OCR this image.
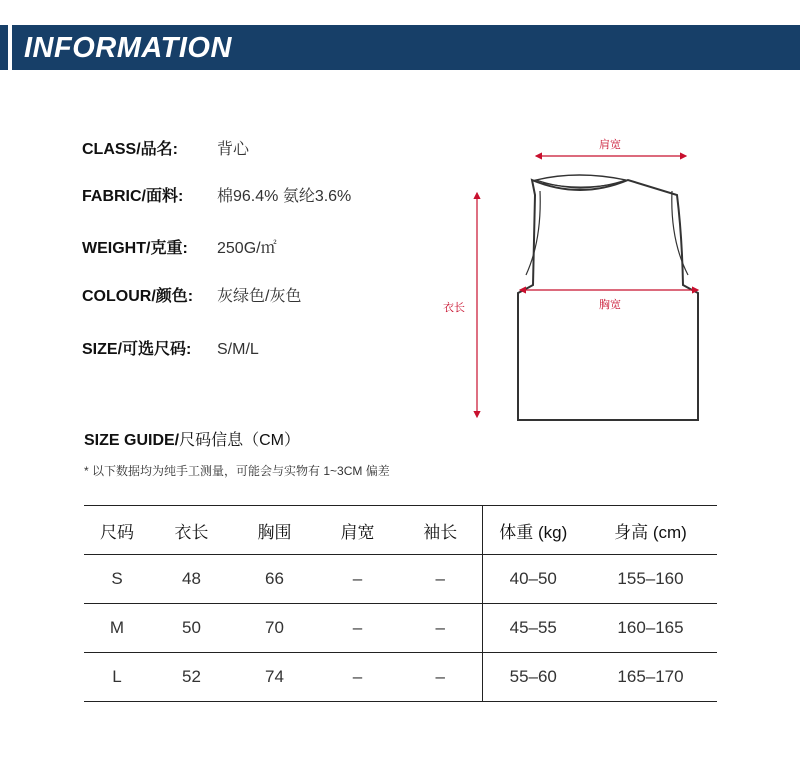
INFORMATION
CLASS/品名: 背心
FABRIC/面料: 棉96.4% 氨纶3.6%
WEIGHT/克重: 250G/㎡
COLOUR/颜色: 灰绿色/灰色
SIZE/可选尺码: S/M/L
肩宽
胸宽
衣长
SIZE GUIDE/尺码信息（CM）
* 以下数据均为纯手工测量，可能会与实物有 1~3CM 偏差
尺码	衣长	胸围	肩宽	袖长	体重 (kg)	身高 (cm)
S	48	66	–	–	40–50	155–160
M	50	70	–	–	45–55	160–165
L	52	74	–	–	55–60	165–170
